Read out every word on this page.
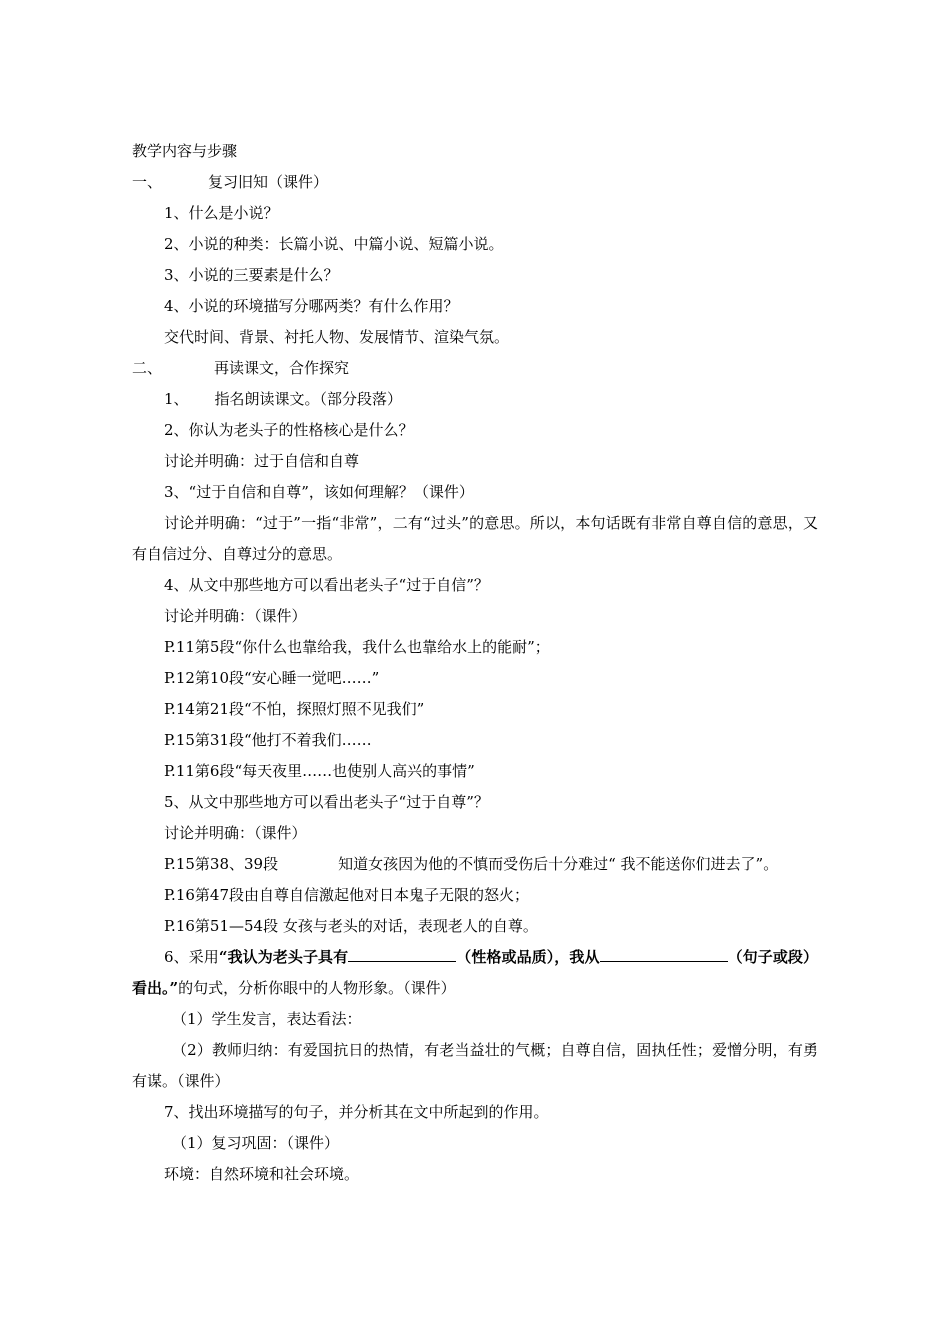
教学内容与步骤

一、	复习旧知（课件）

1、什么是小说？

2、小说的种类：长篇小说、中篇小说、短篇小说。

3、小说的三要素是什么？

4、小说的环境描写分哪两类？有什么作用？

交代时间、背景、衬托人物、发展情节、渲染气氛。

二、	再读课文，合作探究

1、 指名朗读课文。（部分段落）

2、你认为老头子的性格核心是什么？

讨论并明确：过于自信和自尊

3、“过于自信和自尊”，该如何理解？（课件）

讨论并明确：“过于”一指“非常”，二有“过头”的意思。所以，本句话既有非常自尊自信的意思，又有自信过分、自尊过分的意思。

4、从文中那些地方可以看出老头子“过于自信”？

讨论并明确：（课件）

P.11第5段“你什么也靠给我，我什么也靠给水上的能耐”；

P.12第10段“安心睡一觉吧……”

P.14第21段“不怕，探照灯照不见我们”

P.15第31段“他打不着我们……

P.11第6段“每天夜里……也使别人高兴的事情”

5、从文中那些地方可以看出老头子“过于自尊”？

讨论并明确：（课件）

P.15第38、39段	知道女孩因为他的不慎而受伤后十分难过“ 我不能送你们进去了”。

P.16第47段由自尊自信激起他对日本鬼子无限的怒火；

P.16第51—54段 女孩与老头的对话，表现老人的自尊。

6、采用“我认为老头子具有	（性格或品质），我从	（句子或段）看出。”的句式，分析你眼中的人物形象。（课件）

（1）学生发言，表达看法：

（2）教师归纳：有爱国抗日的热情，有老当益壮的气概；自尊自信，固执任性；爱憎分明，有勇有谋。（课件）

7、找出环境描写的句子，并分析其在文中所起到的作用。

（1）复习巩固：（课件）

环境：自然环境和社会环境。
